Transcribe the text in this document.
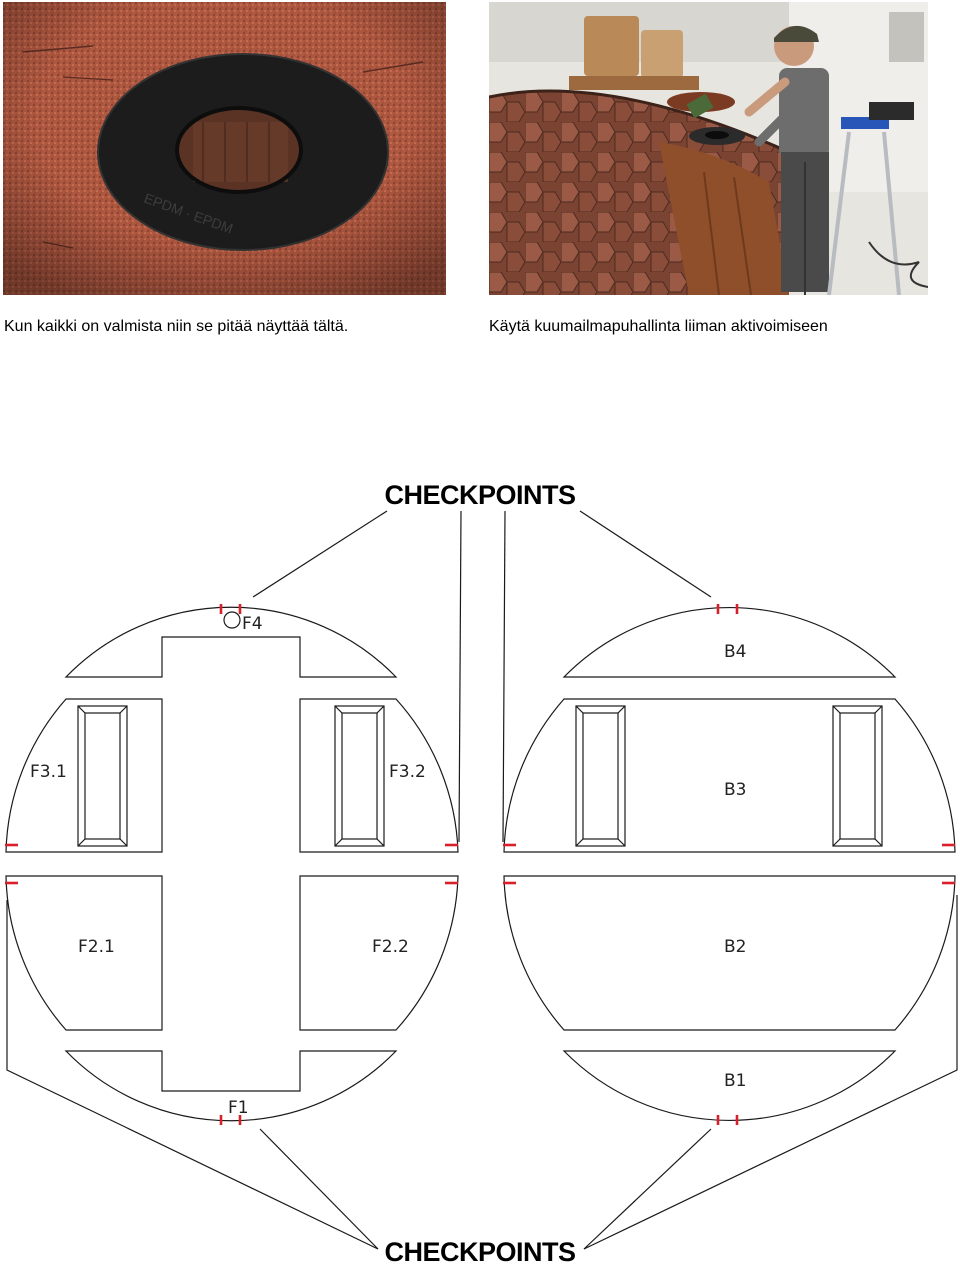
Kun kaikki on valmista niin se pitää näyttää tältä.	Käytä kuumailmapuhallinta liiman aktivoimiseen
F4
F3.1	F3.2
F2.1	F2.2
F1
B4
B3
B2
B1
CHECKPOINTS
CHECKPOINTS
